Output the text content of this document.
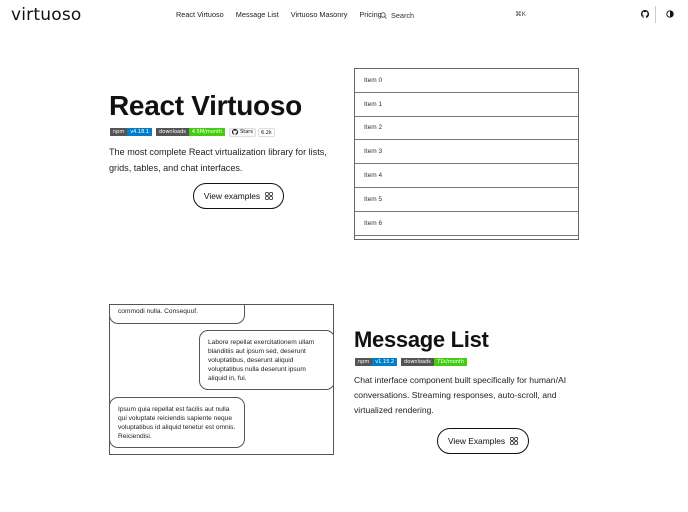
virtuoso	React Virtuoso Message List Virtuoso Masonry Pricing Search	⌘K
React Virtuoso
npm	v4.18.1	downloads	4.5M/month	Stars	6.2k

The most complete React virtualization library for lists, grids, tables, and chat interfaces.

View examples
Item 0
Item 1
Item 2
Item 3
Item 4
Item 5
Item 6
commodi nulla. Consequuf.
Labore repellat exercitationem ullam blanditiis aut ipsum sed, deserunt voluptatibus, deserunt aliquid voluptatibus nulla deserunt ipsum aliquid in, fui.
Ipsum quia repellat est facilis aut nulla qui voluptate reiciendis sapiente neque voluptatibus id aliquid tenetur est omnis. Reiciendisi.
Message List
npm	v1.15.2	downloads	71k/month

Chat interface component built specifically for human/AI conversations. Streaming responses, auto-scroll, and virtualized rendering.

View Examples
